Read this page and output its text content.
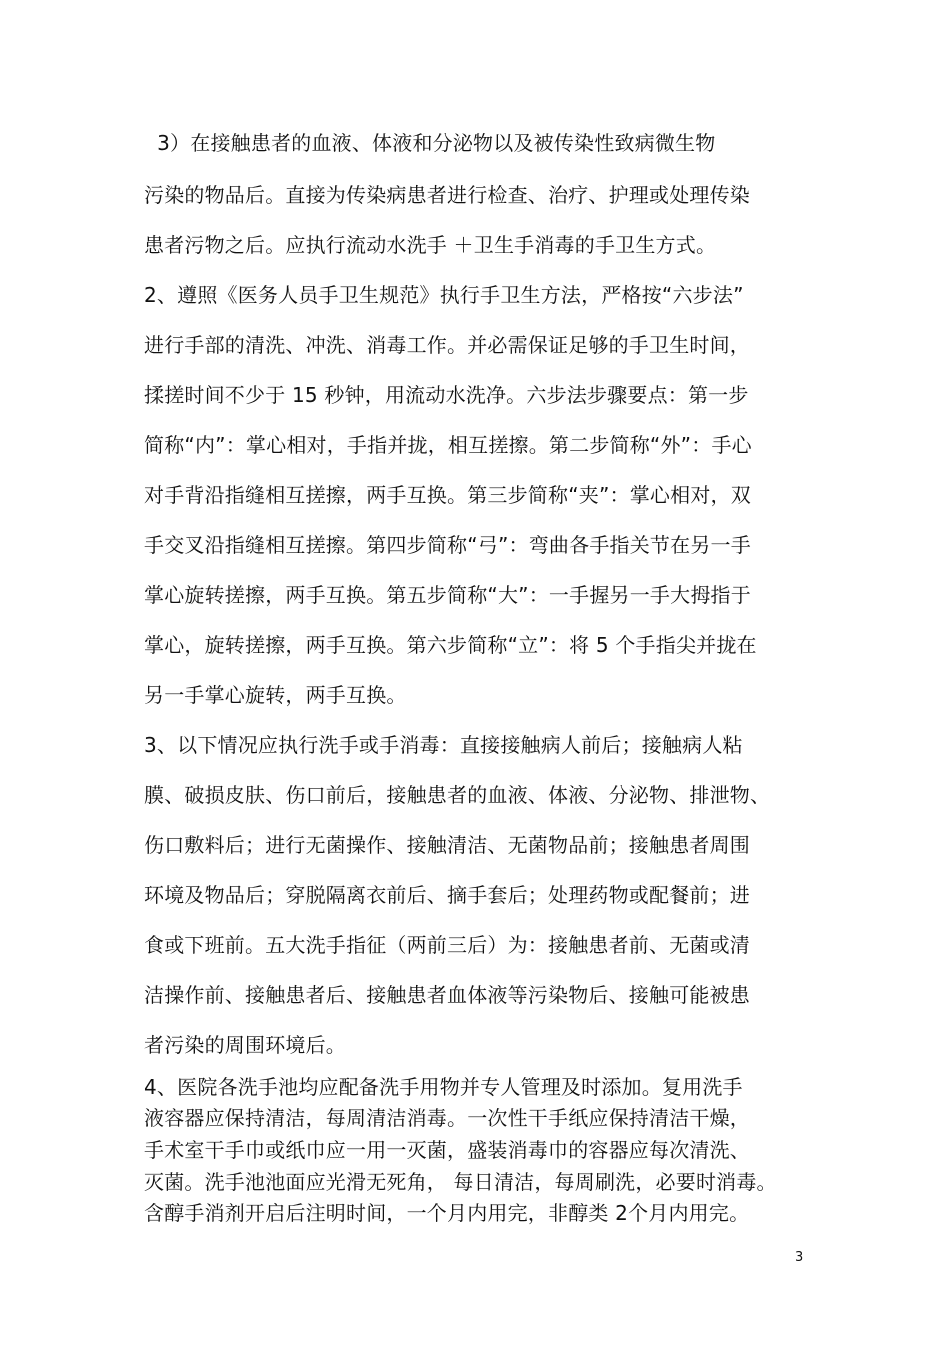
3）在接触患者的血液、体液和分泌物以及被传染性致病微生物
污染的物品后。直接为传染病患者进行检查、治疗、护理或处理传染
患者污物之后。应执行流动水洗手 ＋卫生手消毒的手卫生方式。
2、遵照《医务人员手卫生规范》执行手卫生方法，严格按“六步法”
进行手部的清洗、冲洗、消毒工作。并必需保证足够的手卫生时间，
揉搓时间不少于 15 秒钟，用流动水洗净。六步法步骤要点：第一步
简称“内”：掌心相对，手指并拢，相互搓擦。第二步简称“外”：手心
对手背沿指缝相互搓擦，两手互换。第三步简称“夹”：掌心相对，双
手交叉沿指缝相互搓擦。第四步简称“弓”：弯曲各手指关节在另一手
掌心旋转搓擦，两手互换。第五步简称“大”：一手握另一手大拇指于
掌心，旋转搓擦，两手互换。第六步简称“立”：将 5 个手指尖并拢在
另一手掌心旋转，两手互换。
3、以下情况应执行洗手或手消毒：直接接触病人前后；接触病人粘
膜、破损皮肤、伤口前后，接触患者的血液、体液、分泌物、排泄物、
伤口敷料后；进行无菌操作、接触清洁、无菌物品前；接触患者周围
环境及物品后；穿脱隔离衣前后、摘手套后；处理药物或配餐前；进
食或下班前。五大洗手指征（两前三后）为：接触患者前、无菌或清
洁操作前、接触患者后、接触患者血体液等污染物后、接触可能被患
者污染的周围环境后。
4、医院各洗手池均应配备洗手用物并专人管理及时添加。复用洗手
液容器应保持清洁，每周清洁消毒。一次性干手纸应保持清洁干燥，
手术室干手巾或纸巾应一用一灭菌，盛装消毒巾的容器应每次清洗、
灭菌。洗手池池面应光滑无死角， 每日清洁，每周刷洗，必要时消毒。
含醇手消剂开启后注明时间，一个月内用完，非醇类 2个月内用完。
3
